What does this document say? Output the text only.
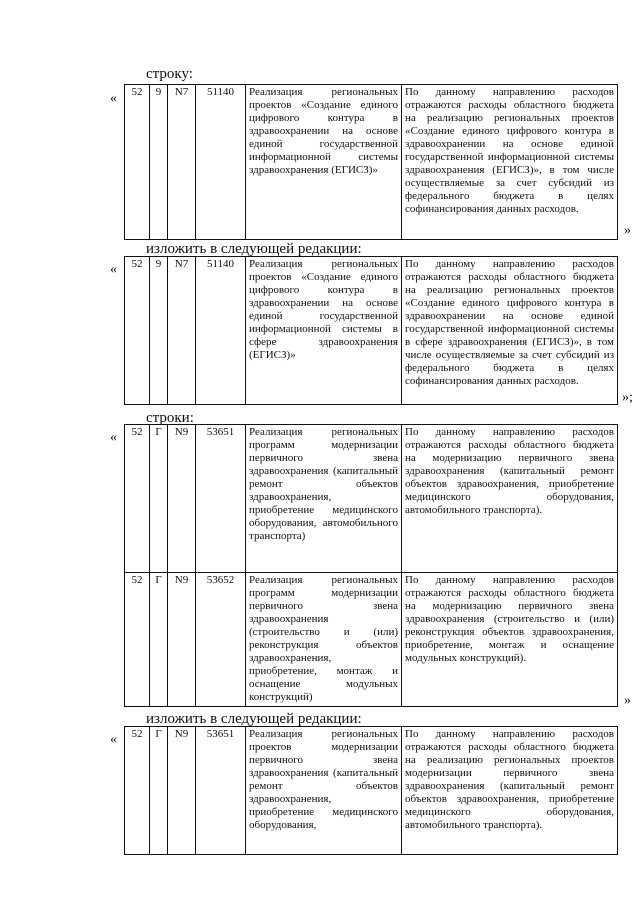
строку:
« 52	9	N7	51140	Реализация региональных проектов «Создание единого цифрового контура в здравоохранении на основе единой государственной информационной системы здравоохранения (ЕГИСЗ)»	По данному направлению расходов отражаются расходы областного бюджета на реализацию региональных проектов «Создание единого цифрового контура в здравоохранении на основе единой государственной информационной системы здравоохранения (ЕГИСЗ)», в том числе осуществляемые за счет субсидий из федерального бюджета в целях софинансирования данных расходов.
»
изложить в следующей редакции:
« 52	9	N7	51140	Реализация региональных проектов «Создание единого цифрового контура в здравоохранении на основе единой государственной информационной системы в сфере здравоохранения (ЕГИСЗ)»	По данному направлению расходов отражаются расходы областного бюджета на реализацию региональных проектов «Создание единого цифрового контура в здравоохранении на основе единой государственной информационной системы в сфере здравоохранения (ЕГИСЗ)», в том числе осуществляемые за счет субсидий из федерального бюджета в целях софинансирования данных расходов.
»;
строки:
« 52	Г	N9	53651	Реализация региональных программ модернизации первичного звена здравоохранения (капитальный ремонт объектов здравоохранения, приобретение медицинского оборудования, автомобильного транспорта)	По данному направлению расходов отражаются расходы областного бюджета на модернизацию первичного звена здравоохранения (капитальный ремонт объектов здравоохранения, приобретение медицинского оборудования, автомобильного транспорта).
52	Г	N9	53652	Реализация региональных программ модернизации первичного звена здравоохранения (строительство и (или) реконструкция объектов здравоохранения, приобретение, монтаж и оснащение модульных конструкций)	По данному направлению расходов отражаются расходы областного бюджета на модернизацию первичного звена здравоохранения (строительство и (или) реконструкция объектов здравоохранения, приобретение, монтаж и оснащение модульных конструкций).
»
изложить в следующей редакции:
« 52	Г	N9	53651	Реализация региональных проектов модернизации первичного звена здравоохранения (капитальный ремонт объектов здравоохранения, приобретение медицинского оборудования,	По данному направлению расходов отражаются расходы областного бюджета на реализацию региональных проектов модернизации первичного звена здравоохранения (капитальный ремонт объектов здравоохранения, приобретение медицинского оборудования, автомобильного транспорта).
